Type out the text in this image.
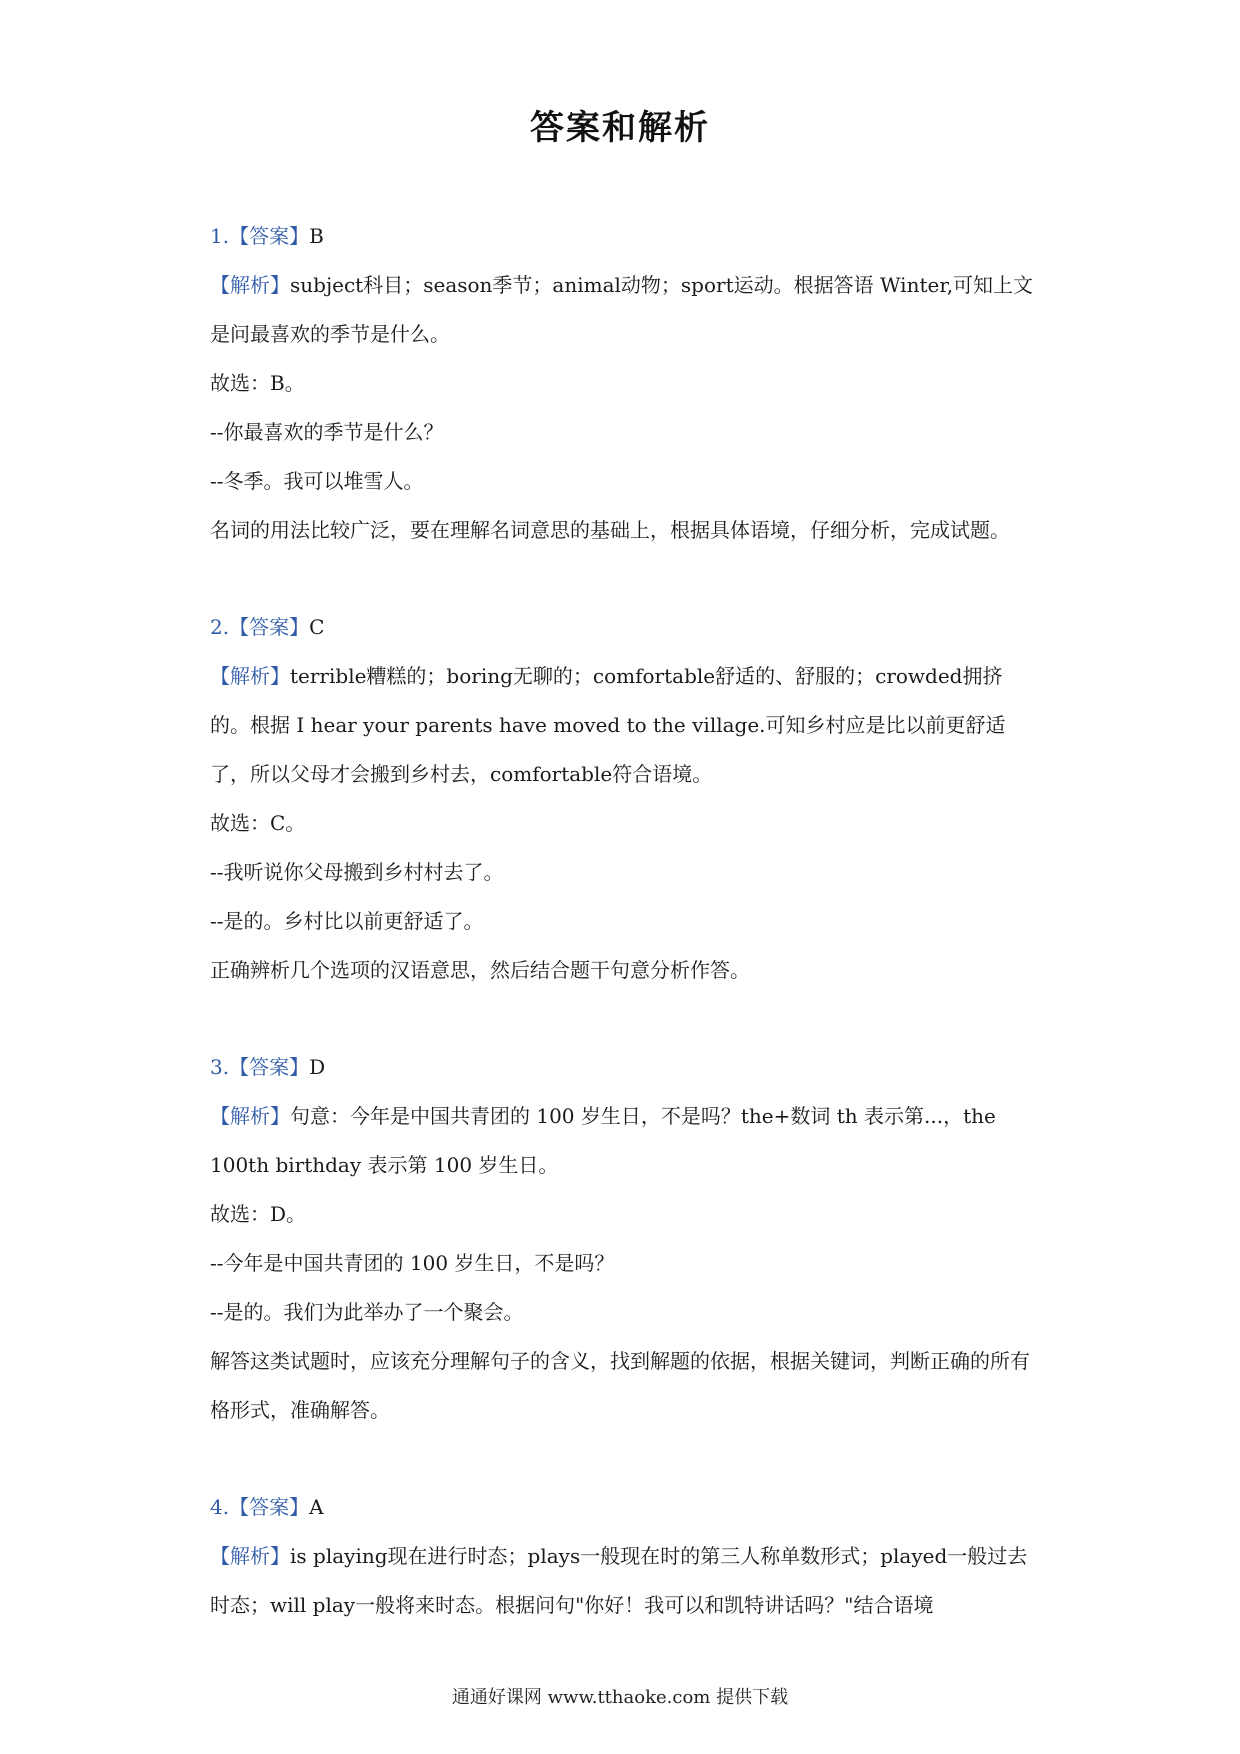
答案和解析
1.【答案】B
【解析】subject科目；season季节；animal动物；sport运动。根据答语 Winter,可知上文是问最喜欢的季节是什么。
故选：B。
--你最喜欢的季节是什么？
--冬季。我可以堆雪人。
名词的用法比较广泛，要在理解名词意思的基础上，根据具体语境，仔细分析，完成试题。
2.【答案】C
【解析】terrible糟糕的；boring无聊的；comfortable舒适的、舒服的；crowded拥挤的。根据 I hear your parents have moved to the village.可知乡村应是比以前更舒适了，所以父母才会搬到乡村去，comfortable符合语境。
故选：C。
--我听说你父母搬到乡村村去了。
--是的。乡村比以前更舒适了。
正确辨析几个选项的汉语意思，然后结合题干句意分析作答。
3.【答案】D
【解析】句意：今年是中国共青团的 100 岁生日，不是吗？the+数词 th 表示第...，the 100th birthday 表示第 100 岁生日。
故选：D。
--今年是中国共青团的 100 岁生日，不是吗？
--是的。我们为此举办了一个聚会。
解答这类试题时，应该充分理解句子的含义，找到解题的依据，根据关键词，判断正确的所有格形式，准确解答。
4.【答案】A
【解析】is playing现在进行时态；plays一般现在时的第三人称单数形式；played一般过去时态；will play一般将来时态。根据问句"你好！我可以和凯特讲话吗？"结合语境
通通好课网 www.tthaoke.com 提供下载
